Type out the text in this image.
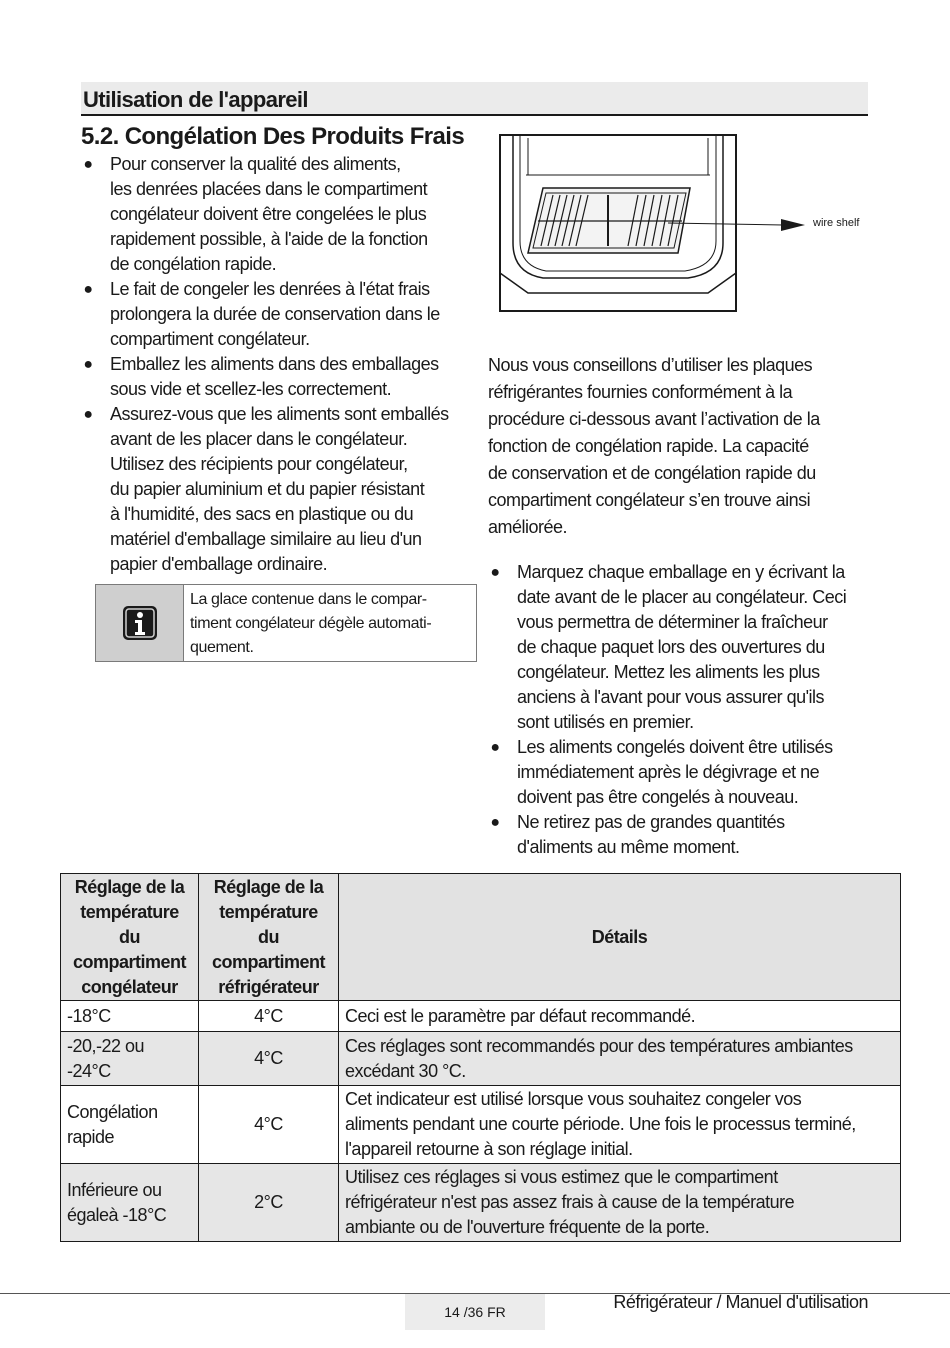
Utilisation de l'appareil
5.2. Congélation Des Produits Frais
● Pour conserver la qualité des aliments,
les denrées placées dans le compartiment
congélateur doivent être congelées le plus
rapidement possible, à l'aide de la fonction
de congélation rapide.
● Le fait de congeler les denrées à l'état frais
prolongera la durée de conservation dans le
compartiment congélateur.
● Emballez les aliments dans des emballages
sous vide et scellez-les correctement.
● Assurez-vous que les aliments sont emballés
avant de les placer dans le congélateur.
Utilisez des récipients pour congélateur,
du papier aluminium et du papier résistant
à l'humidité, des sacs en plastique ou du
matériel d'emballage similaire au lieu d'un
papier d'emballage ordinaire.
La glace contenue dans le compar-
timent congélateur dégèle automati-
quement.
wire shelf

Nous vous conseillons d’utiliser les plaques
réfrigérantes fournies conformément à la
procédure ci-dessous avant l’activation de la
fonction de congélation rapide. La capacité
de conservation et de congélation rapide du
compartiment congélateur s’en trouve ainsi
améliorée.

● Marquez chaque emballage en y écrivant la
date avant de le placer au congélateur. Ceci
vous permettra de déterminer la fraîcheur
de chaque paquet lors des ouvertures du
congélateur. Mettez les aliments les plus
anciens à l'avant pour vous assurer qu'ils
sont utilisés en premier.
● Les aliments congelés doivent être utilisés
immédiatement après le dégivrage et ne
doivent pas être congelés à nouveau.
● Ne retirez pas de grandes quantités
d'aliments au même moment.
Réglage de la
température
du
compartiment
congélateur	Réglage de la
température
du
compartiment
réfrigérateur	Détails
-18°C	4°C	Ceci est le paramètre par défaut recommandé.
-20,-22 ou
-24°C	4°C	Ces réglages sont recommandés pour des températures ambiantes
excédant 30 °C.
Congélation
rapide	4°C	Cet indicateur est utilisé lorsque vous souhaitez congeler vos
aliments pendant une courte période. Une fois le processus terminé,
l'appareil retourne à son réglage initial.
Inférieure ou
égaleà -18°C	2°C	Utilisez ces réglages si vous estimez que le compartiment
réfrigérateur n'est pas assez frais à cause de la température
ambiante ou de l'ouverture fréquente de la porte.
14 /36 FR	Réfrigérateur / Manuel d'utilisation
